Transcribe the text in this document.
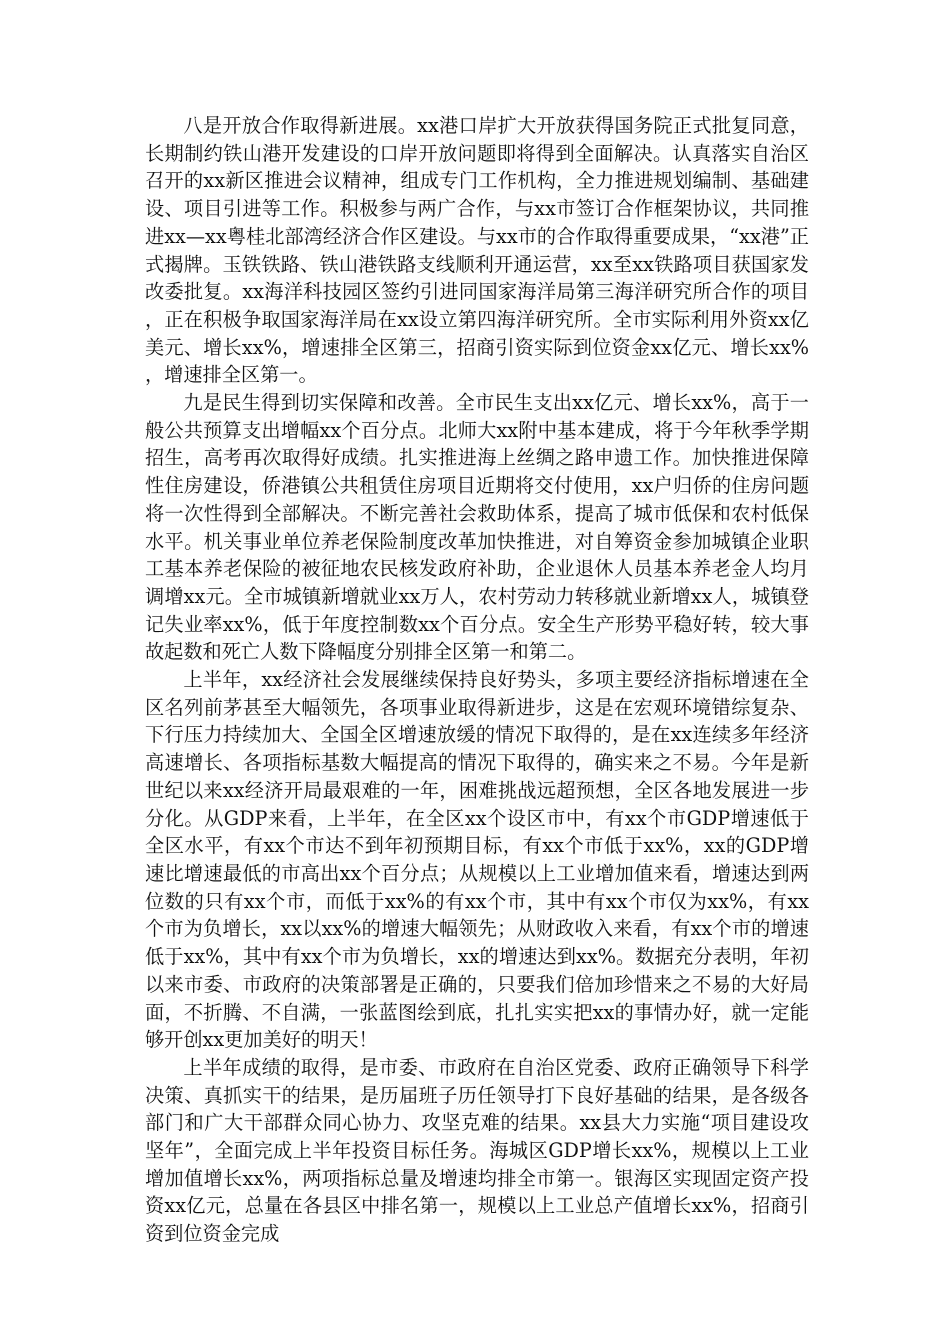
八是开放合作取得新进展。xx港口岸扩大开放获得国务院正式批复同意，长期制约铁山港开发建设的口岸开放问题即将得到全面解决。认真落实自治区召开的xx新区推进会议精神，组成专门工作机构，全力推进规划编制、基础建设、项目引进等工作。积极参与两广合作，与xx市签订合作框架协议，共同推进xx—xx粤桂北部湾经济合作区建设。与xx市的合作取得重要成果，“xx港”正式揭牌。玉铁铁路、铁山港铁路支线顺利开通运营，xx至xx铁路项目获国家发改委批复。xx海洋科技园区签约引进同国家海洋局第三海洋研究所合作的项目，正在积极争取国家海洋局在xx设立第四海洋研究所。全市实际利用外资xx亿美元、增长xx%，增速排全区第三，招商引资实际到位资金xx亿元、增长xx%，增速排全区第一。

九是民生得到切实保障和改善。全市民生支出xx亿元、增长xx%，高于一般公共预算支出增幅xx个百分点。北师大xx附中基本建成，将于今年秋季学期招生，高考再次取得好成绩。扎实推进海上丝绸之路申遗工作。加快推进保障性住房建设，侨港镇公共租赁住房项目近期将交付使用，xx户归侨的住房问题将一次性得到全部解决。不断完善社会救助体系，提高了城市低保和农村低保水平。机关事业单位养老保险制度改革加快推进，对自筹资金参加城镇企业职工基本养老保险的被征地农民核发政府补助，企业退休人员基本养老金人均月调增xx元。全市城镇新增就业xx万人，农村劳动力转移就业新增xx人，城镇登记失业率xx%，低于年度控制数xx个百分点。安全生产形势平稳好转，较大事故起数和死亡人数下降幅度分别排全区第一和第二。

上半年，xx经济社会发展继续保持良好势头，多项主要经济指标增速在全区名列前茅甚至大幅领先，各项事业取得新进步，这是在宏观环境错综复杂、下行压力持续加大、全国全区增速放缓的情况下取得的，是在xx连续多年经济高速增长、各项指标基数大幅提高的情况下取得的，确实来之不易。今年是新世纪以来xx经济开局最艰难的一年，困难挑战远超预想，全区各地发展进一步分化。从GDP来看，上半年，在全区xx个设区市中，有xx个市GDP增速低于全区水平，有xx个市达不到年初预期目标，有xx个市低于xx%，xx的GDP增速比增速最低的市高出xx个百分点；从规模以上工业增加值来看，增速达到两位数的只有xx个市，而低于xx%的有xx个市，其中有xx个市仅为xx%，有xx个市为负增长，xx以xx%的增速大幅领先；从财政收入来看，有xx个市的增速低于xx%，其中有xx个市为负增长，xx的增速达到xx%。数据充分表明，年初以来市委、市政府的决策部署是正确的，只要我们倍加珍惜来之不易的大好局面，不折腾、不自满，一张蓝图绘到底，扎扎实实把xx的事情办好，就一定能够开创xx更加美好的明天！

上半年成绩的取得，是市委、市政府在自治区党委、政府正确领导下科学决策、真抓实干的结果，是历届班子历任领导打下良好基础的结果，是各级各部门和广大干部群众同心协力、攻坚克难的结果。xx县大力实施“项目建设攻坚年”，全面完成上半年投资目标任务。海城区GDP增长xx%，规模以上工业增加值增长xx%，两项指标总量及增速均排全市第一。银海区实现固定资产投资xx亿元，总量在各县区中排名第一，规模以上工业总产值增长xx%，招商引资到位资金完成
